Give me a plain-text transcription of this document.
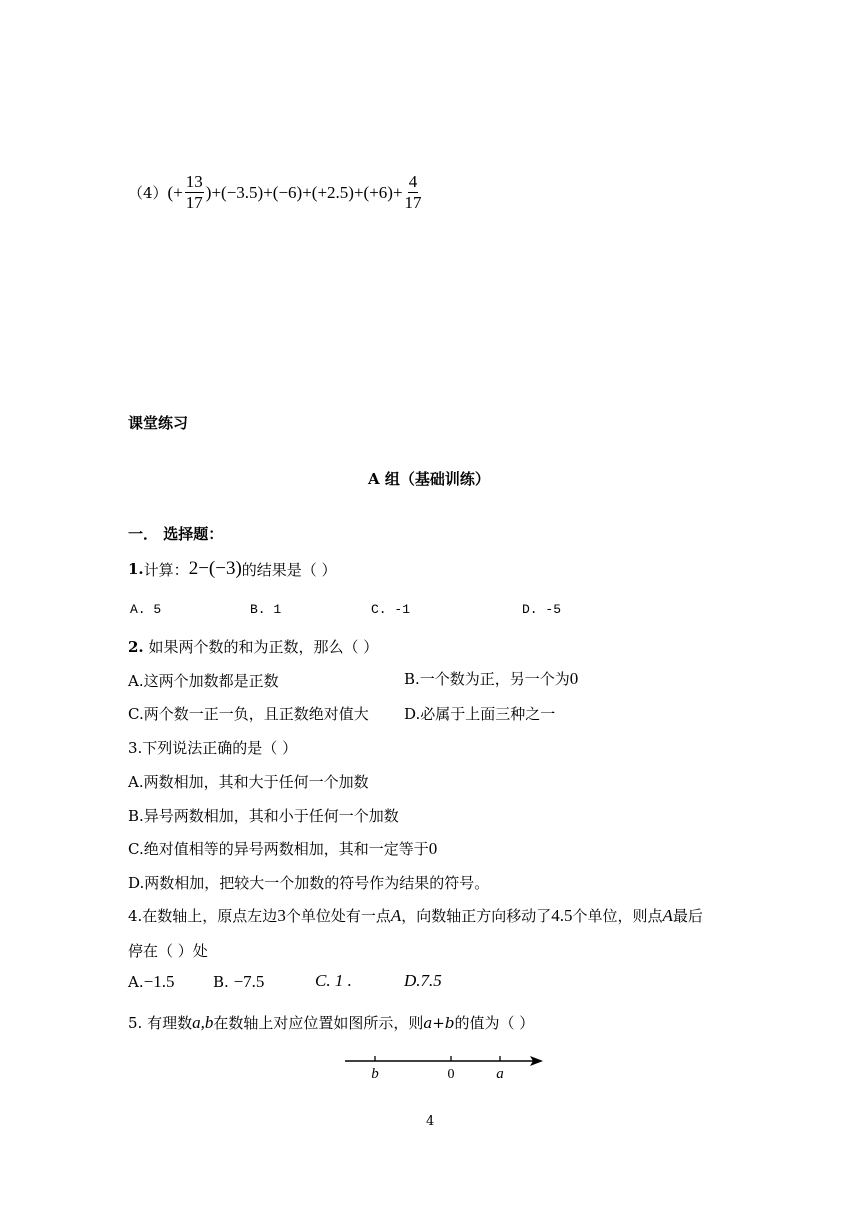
（4） (+ $\frac{13}{17}$ ) $+(-3.5)+(-6)+(+2.5)+(+6)+ \frac{4}{17}$
课堂练习
A 组（基础训练）
一． 选择题：
1. 计算： 2−(−3) 的结果是（ ）
A. 5	B. 1	C. -1	D. -5
2. 如果两个数的和为正数，那么（ ）
A.这两个加数都是正数	B.一个数为正，另一个为0
C.两个数一正一负，且正数绝对值大 D.必属于上面三种之一
3.下列说法正确的是（ ）
A.两数相加，其和大于任何一个加数
B.异号两数相加，其和小于任何一个加数
C.绝对值相等的异号两数相加，其和一定等于0
D.两数相加，把较大一个加数的符号作为结果的符号。
4.在数轴上，原点左边3个单位处有一点A，向数轴正方向移动了4.5个单位，则点A最后
停在（ ）处
A.−1.5	B. −7.5	C. 1 .	D.7.5
5. 有理数a,b在数轴上对应位置如图所示，则a+b的值为（ ）
b	0	a
4
